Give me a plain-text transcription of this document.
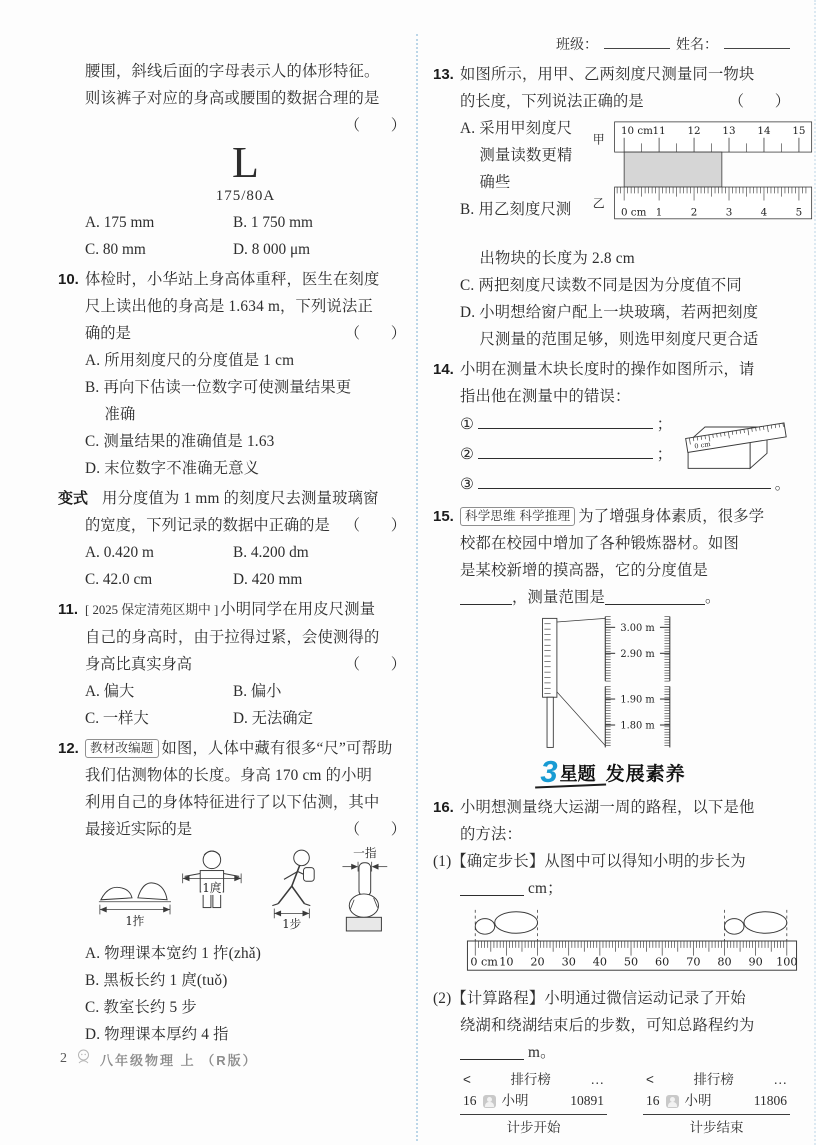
腰围，斜线后面的字母表示人的体形特征。
则该裤子对应的身高或腰围的数据合理的是
（　　）
L
175/80A
A. 175 mm	B. 1 750 mm
C. 80 mm	D. 8 000 μm
10. 体检时，小华站上身高体重秤，医生在刻度
尺上读出他的身高是 1.634 m，下列说法正
确的是	（　　）
A. 所用刻度尺的分度值是 1 cm
B. 再向下估读一位数字可使测量结果更
　 准确
C. 测量结果的准确值是 1.63
D. 末位数字不准确无意义
变式 用分度值为 1 mm 的刻度尺去测量玻璃窗
的宽度，下列记录的数据中正确的是 （　　）
A. 0.420 m	B. 4.200 dm
C. 42.0 cm	D. 420 mm
11. [ 2025 保定清苑区期中 ] 小明同学在用皮尺测量
自己的身高时，由于拉得过紧，会使测得的
身高比真实身高	（　　）
A. 偏大	B. 偏小
C. 一样大	D. 无法确定
12. 教材改编题 如图，人体中藏有很多“尺”可帮助
我们估测物体的长度。身高 170 cm 的小明
利用自己的身体特征进行了以下估测，其中
最接近实际的是	（　　）
1拃
1庹
1步
一指
A. 物理课本宽约 1 拃(zhǎ)
B. 黑板长约 1 庹(tuǒ)
C. 教室长约 5 步
D. 物理课本厚约 4 指
班级：	姓名：
13. 如图所示，用甲、乙两刻度尺测量同一物块
的长度，下列说法正确的是	（　　）
A. 采用甲刻度尺
　 测量读数更精
　 确些
B. 用乙刻度尺测
10 cm 11 12 13 14 15
0 cm 1 2 3 4 5
甲
乙
　 出物块的长度为 2.8 cm
C. 两把刻度尺读数不同是因为分度值不同
D. 小明想给窗户配上一块玻璃，若两把刻度
　 尺测量的范围足够，则选甲刻度尺更合适
14. 小明在测量木块长度时的操作如图所示，请
指出他在测量中的错误：
①	；
②	；
③	。
0 cm
15. 科学思维 科学推理 为了增强身体素质，很多学
校都在校园中增加了各种锻炼器材。如图
是某校新增的摸高器，它的分度值是
，测量范围是	。
3.00 m
2.90 m
1.90 m
1.80 m
3 星题 发展素养
16. 小明想测量绕大运湖一周的路程，以下是他
的方法：
(1)【确定步长】从图中可以得知小明的步长为
cm；
0 cm 10 20 30 40 50 60 70 80 90 100
(2)【计算路程】小明通过微信运动记录了开始
绕湖和绕湖结束后的步数，可知总路程约为
m。
<	排行榜	…
16 小明	10891
计步开始
<	排行榜	…
16 小明	11806
计步结束
2	八年级物理 上 （R版）
